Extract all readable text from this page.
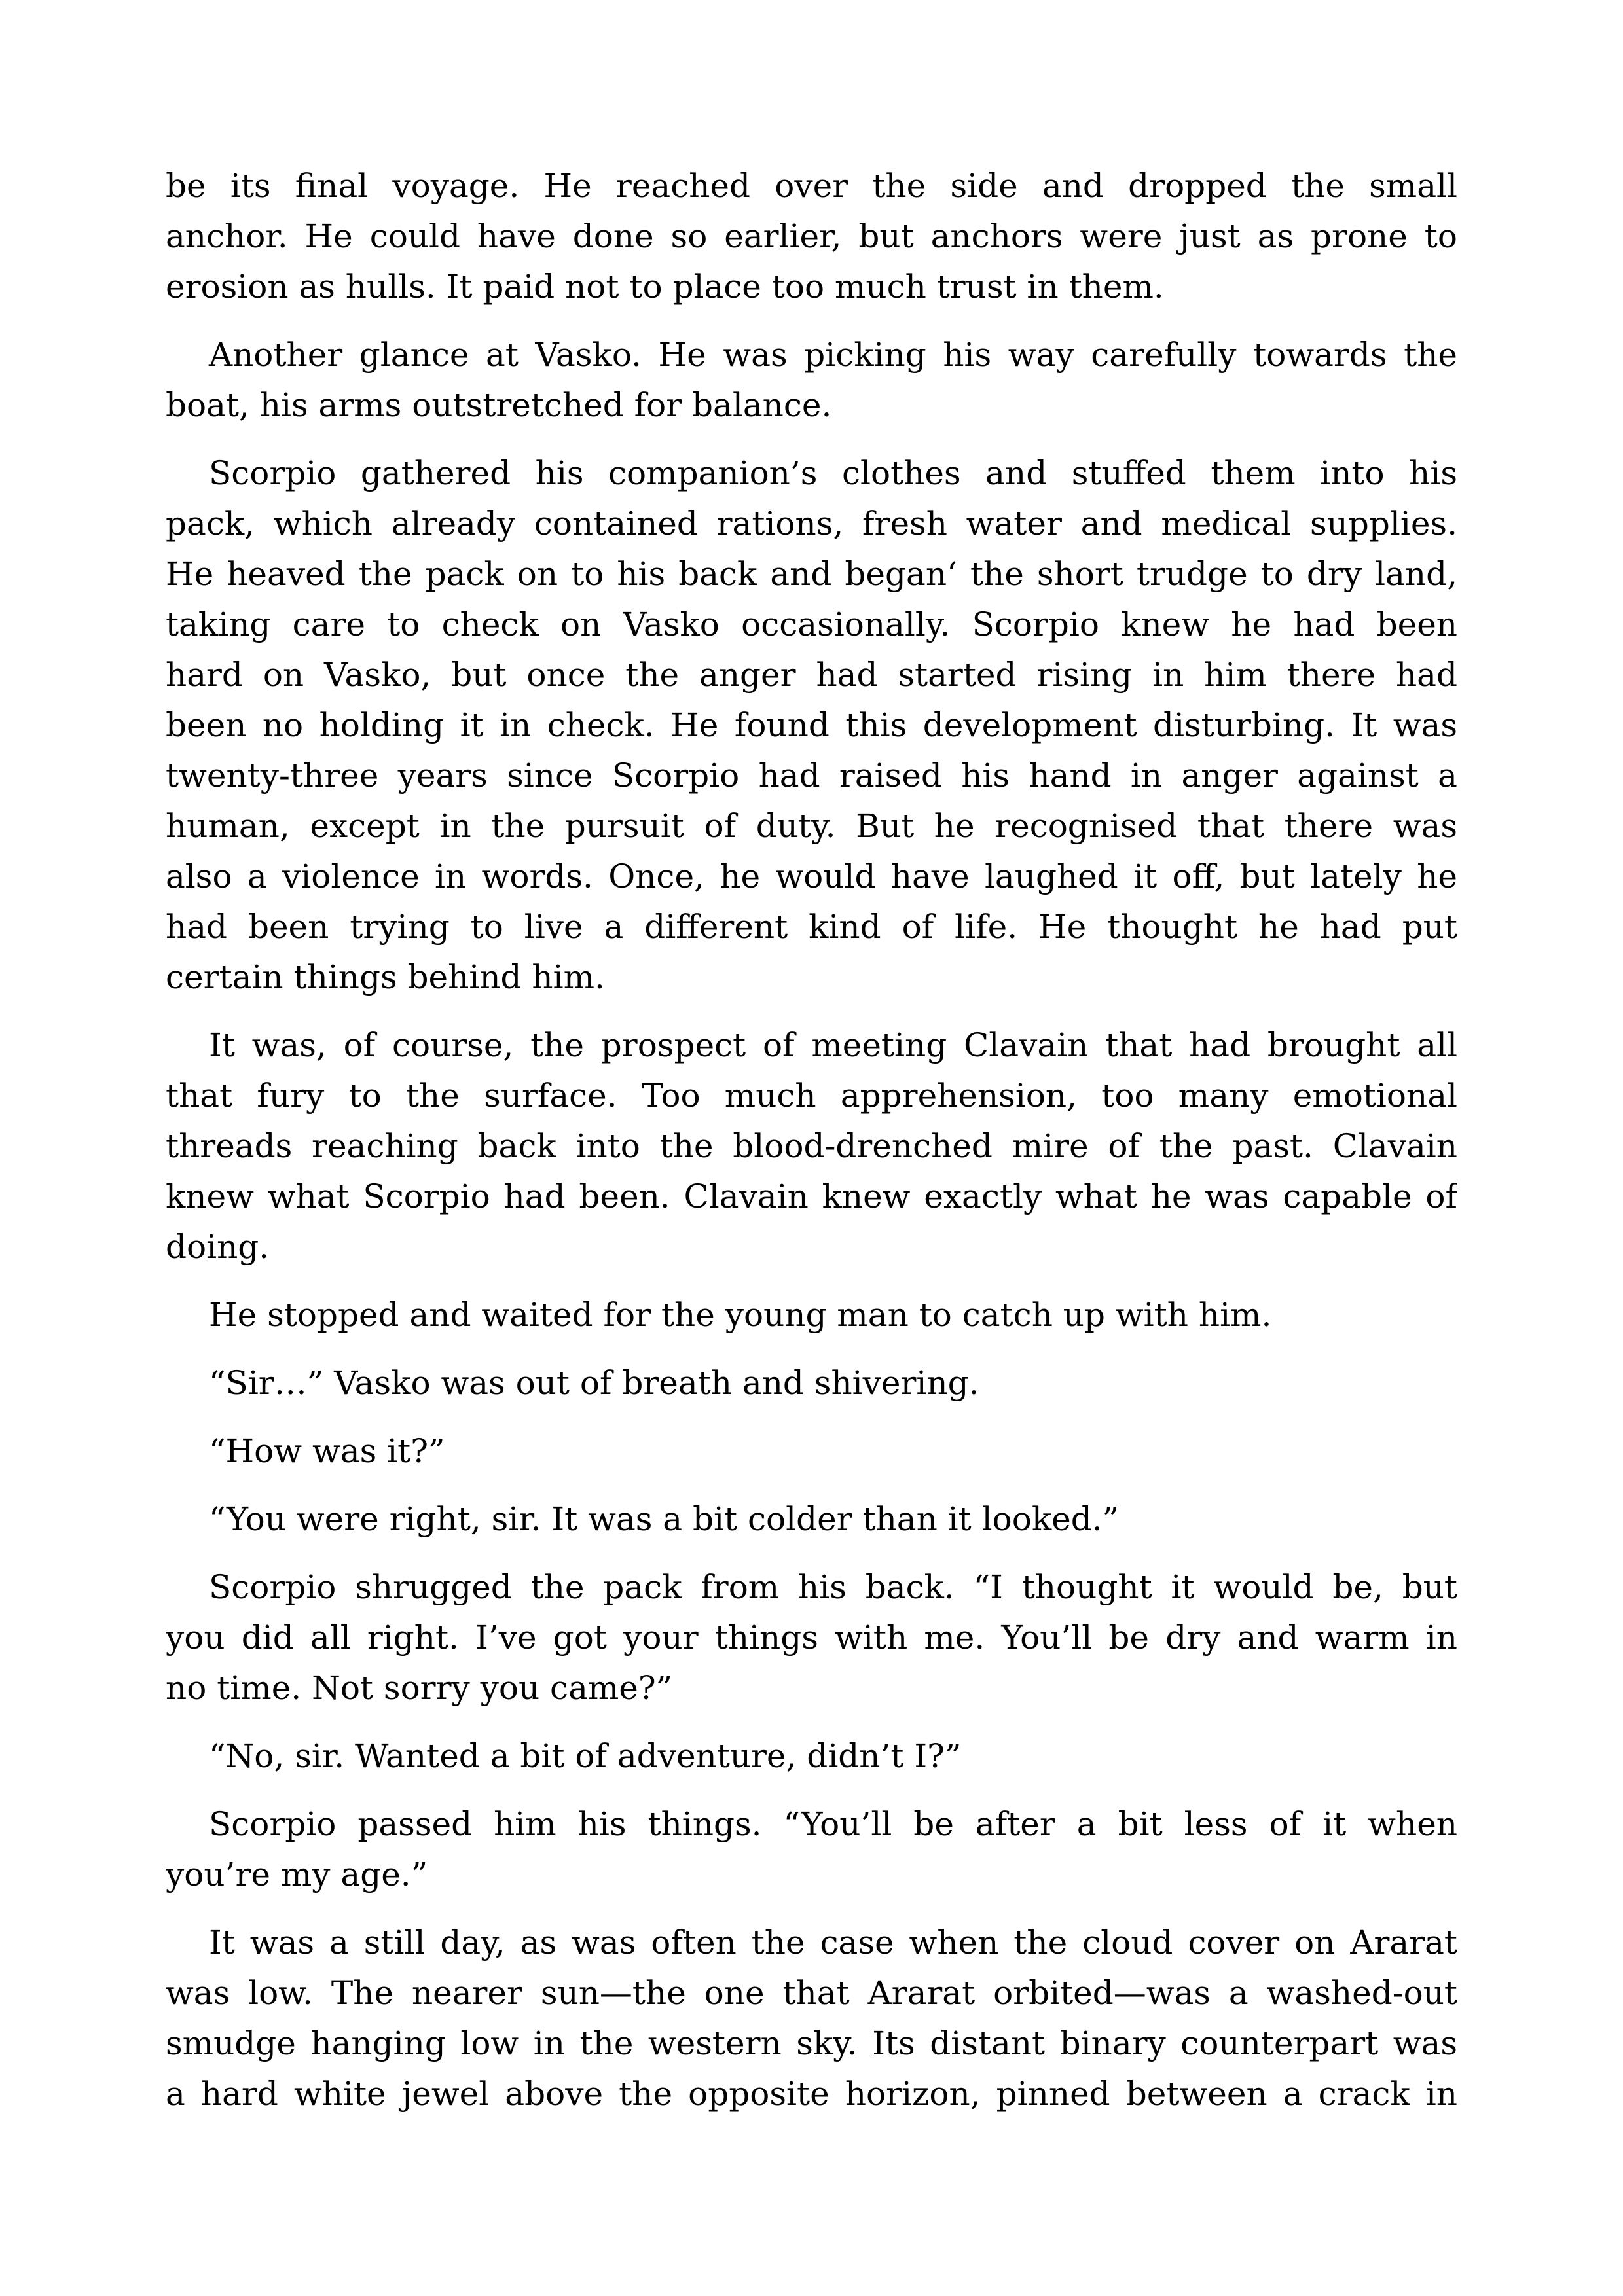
be its final voyage. He reached over the side and dropped the small
anchor. He could have done so earlier, but anchors were just as prone to
erosion as hulls. It paid not to place too much trust in them.
Another glance at Vasko. He was picking his way carefully towards the
boat, his arms outstretched for balance.
Scorpio gathered his companion’s clothes and stuffed them into his
pack, which already contained rations, fresh water and medical supplies.
He heaved the pack on to his back and began‘ the short trudge to dry land,
taking care to check on Vasko occasionally. Scorpio knew he had been
hard on Vasko, but once the anger had started rising in him there had
been no holding it in check. He found this development disturbing. It was
twenty-three years since Scorpio had raised his hand in anger against a
human, except in the pursuit of duty. But he recognised that there was
also a violence in words. Once, he would have laughed it off, but lately he
had been trying to live a different kind of life. He thought he had put
certain things behind him.
It was, of course, the prospect of meeting Clavain that had brought all
that fury to the surface. Too much apprehension, too many emotional
threads reaching back into the blood-drenched mire of the past. Clavain
knew what Scorpio had been. Clavain knew exactly what he was capable of
doing.
He stopped and waited for the young man to catch up with him.
“Sir…” Vasko was out of breath and shivering.
“How was it?”
“You were right, sir. It was a bit colder than it looked.”
Scorpio shrugged the pack from his back. “I thought it would be, but
you did all right. I’ve got your things with me. You’ll be dry and warm in
no time. Not sorry you came?”
“No, sir. Wanted a bit of adventure, didn’t I?”
Scorpio passed him his things. “You’ll be after a bit less of it when
you’re my age.”
It was a still day, as was often the case when the cloud cover on Ararat
was low. The nearer sun—the one that Ararat orbited—was a washed-out
smudge hanging low in the western sky. Its distant binary counterpart was
a hard white jewel above the opposite horizon, pinned between a crack in
